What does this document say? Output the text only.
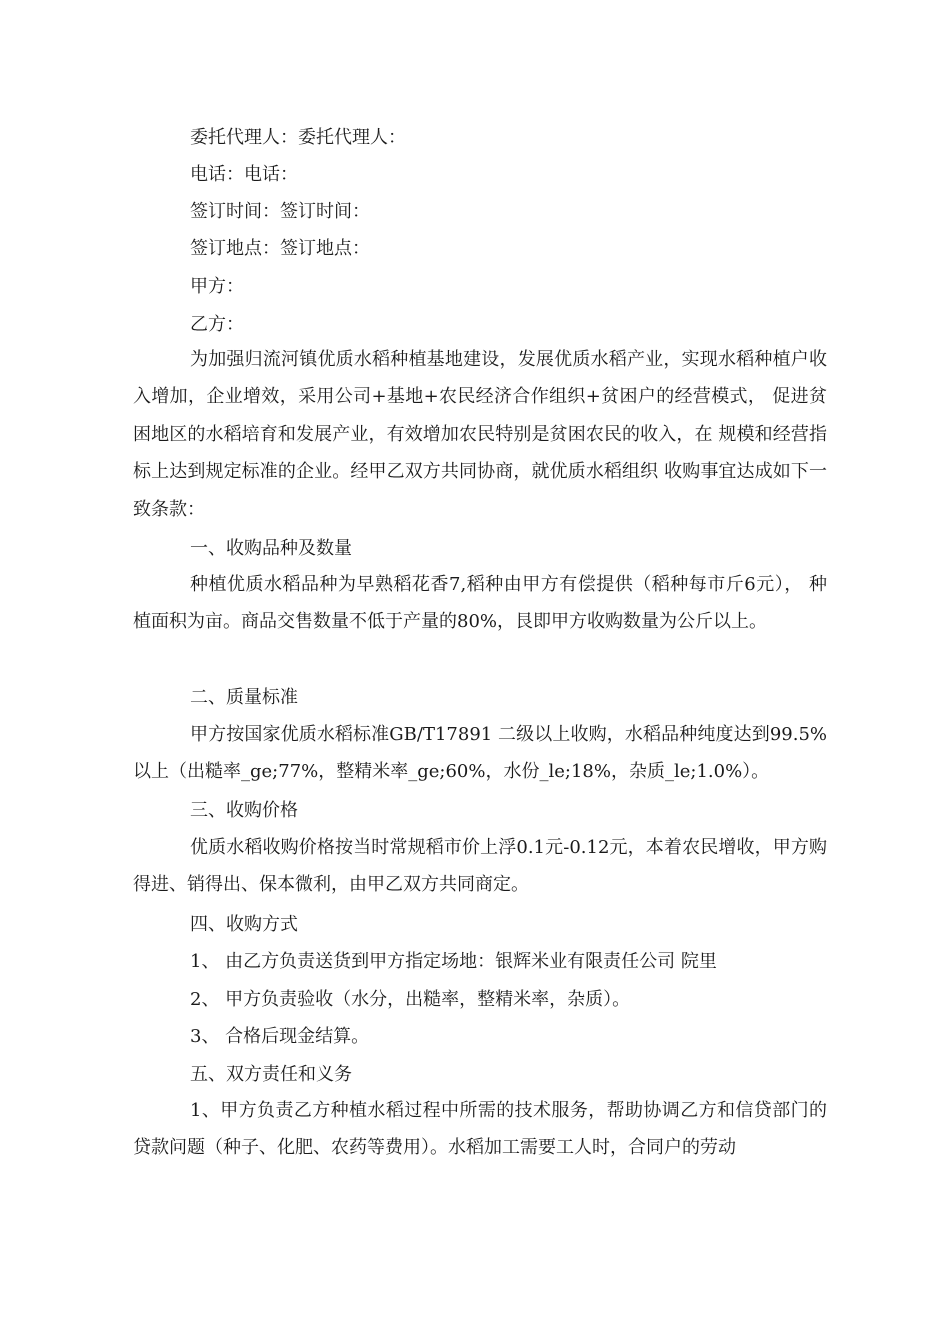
委托代理人：委托代理人：
电话：电话：
签订时间：签订时间：
签订地点：签订地点：
甲方：
乙方：

为加强归流河镇优质水稻种植基地建设，发展优质水稻产业，实现水稻种植户收入增加，企业增效，采用公司+基地+农民经济合作组织+贫困户的经营模式， 促进贫困地区的水稻培育和发展产业，有效增加农民特别是贫困农民的收入，在 规模和经营指标上达到规定标准的企业。经甲乙双方共同协商，就优质水稻组织 收购事宜达成如下一致条款：

一、收购品种及数量

种植优质水稻品种为早熟稻花香7,稻种由甲方有偿提供（稻种每市斤6元）， 种植面积为亩。商品交售数量不低于产量的80%，艮即甲方收购数量为公斤以上。

二、质量标准

甲方按国家优质水稻标准GB/T17891 二级以上收购，水稻品种纯度达到99.5%以上（出糙率_ge;77%，整精米率_ge;60%，水份_le;18%，杂质_le;1.0%）。

三、收购价格

优质水稻收购价格按当时常规稻市价上浮0.1元-0.12元，本着农民增收，甲方购得进、销得出、保本微利，由甲乙双方共同商定。

四、收购方式
1、 由乙方负责送货到甲方指定场地：银辉米业有限责任公司 院里
2、 甲方负责验收（水分，出糙率，整精米率，杂质）。
3、 合格后现金结算。
五、双方责任和义务

1、甲方负责乙方种植水稻过程中所需的技术服务，帮助协调乙方和信贷部门的贷款问题（种子、化肥、农药等费用）。水稻加工需要工人时，合同户的劳动
